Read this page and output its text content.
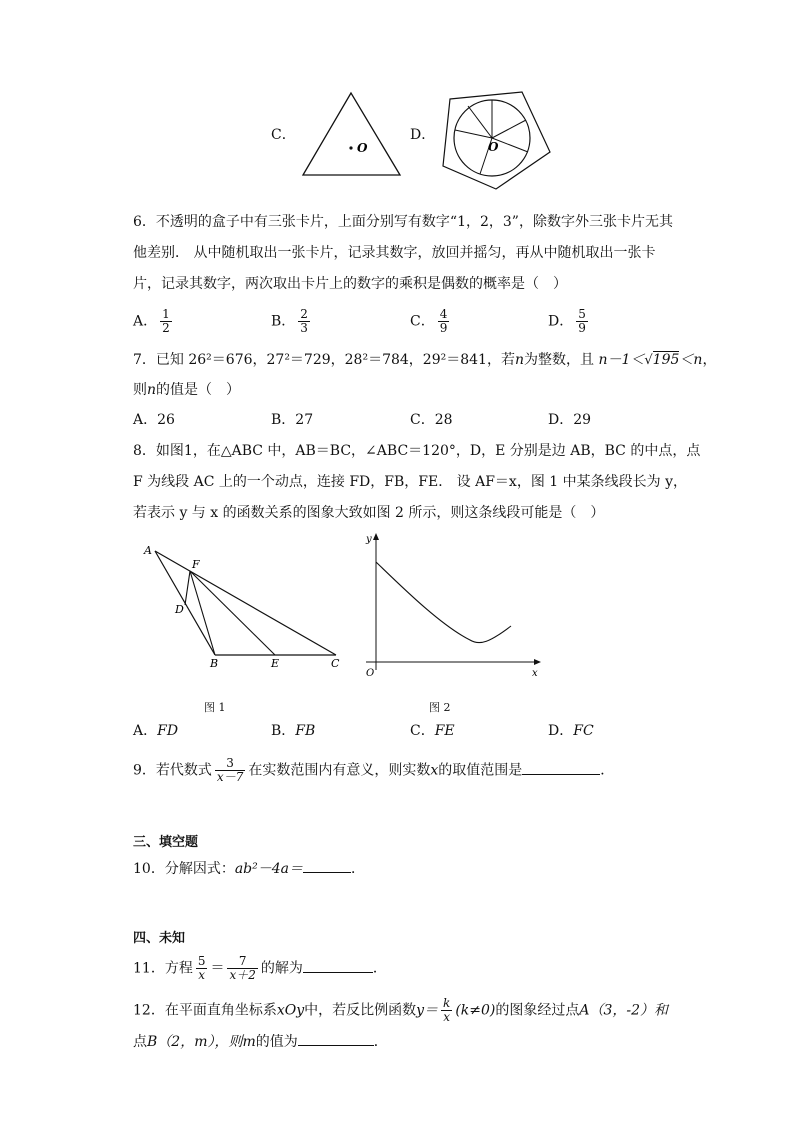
C．
O
D．
O
6．不透明的盒子中有三张卡片，上面分别写有数字“1，2，3”，除数字外三张卡片无其
他差别． 从中随机取出一张卡片，记录其数字，放回并摇匀，再从中随机取出一张卡
片，记录其数字，两次取出卡片上的数字的乘积是偶数的概率是（　）
A． $\frac{1}{2}$	B． $\frac{2}{3}$	C． $\frac{4}{9}$	D． $\frac{5}{9}$
7．已知 26²＝676，27²＝729，28²＝784，29²＝841，若n为整数，且 n－1＜√195＜n，
则n的值是（　）
A．26	B．27	C．28	D．29
8．如图1，在△ABC 中，AB＝BC，∠ABC＝120°，D，E 分别是边 AB，BC 的中点，点
F 为线段 AC 上的一个动点，连接 FD，FB，FE． 设 AF＝x，图 1 中某条线段长为 y，
若表示 y 与 x 的函数关系的图象大致如图 2 所示，则这条线段可能是（　）
A
F
D
B	E	C
图 1
y
x
O
图 2
A．FD	B．FB	C．FE	D．FC
9．若代数式 $\frac{3}{x-7}$ 在实数范围内有意义，则实数x的取值范围是	．
三、填空题
10．分解因式：ab²－4a＝	．
四、未知
11．方程 $\frac{5}{x} = \frac{7}{x+2}$ 的解为	．
12．在平面直角坐标系xOy中，若反比例函数$y= \frac{k}{x} (k\ne 0)$的图象经过点A（3，-2）和
点B（2，m），则m的值为	．
